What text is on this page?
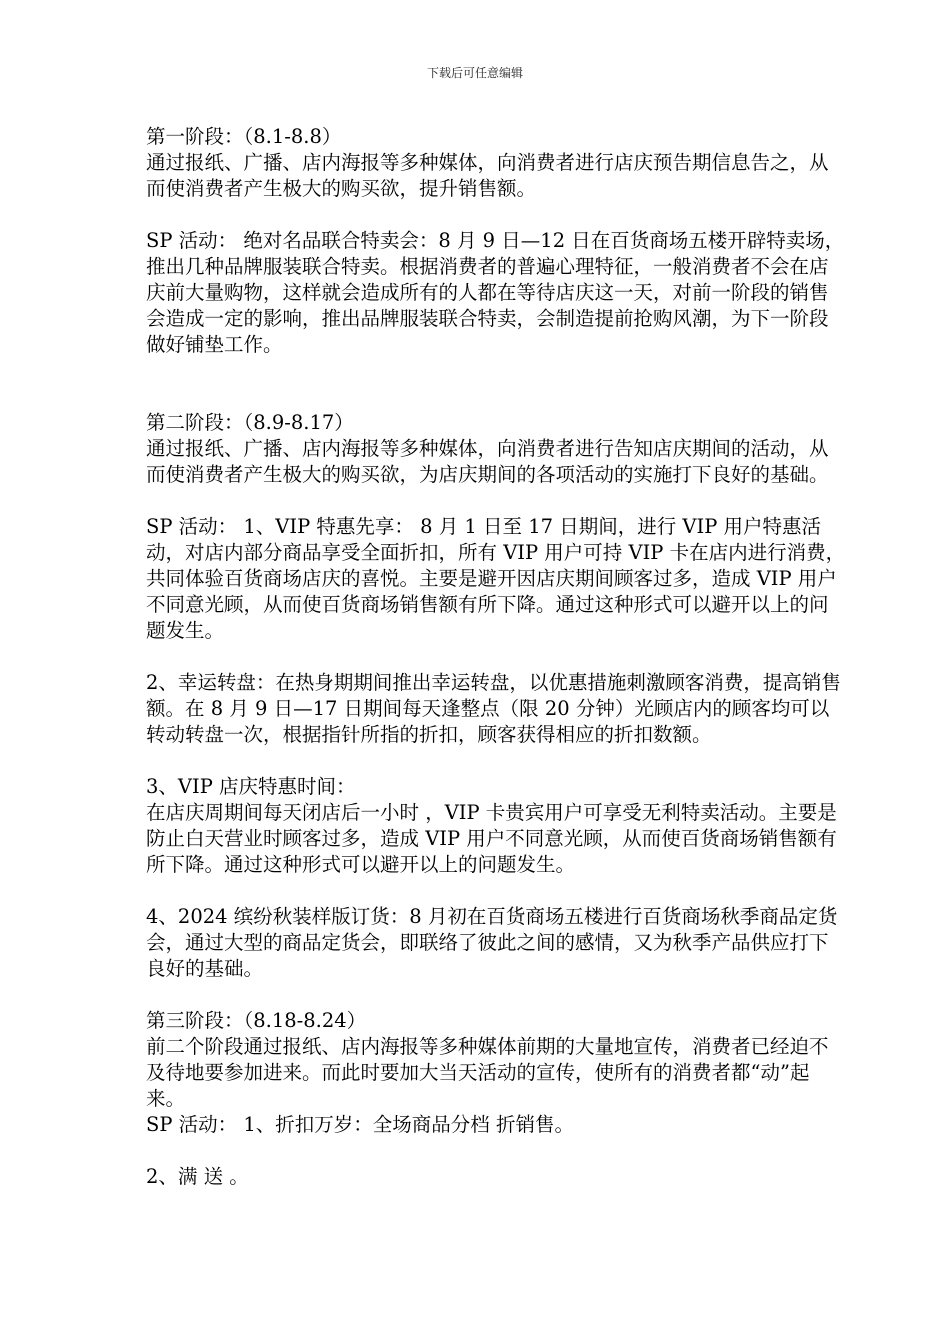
下载后可任意编辑

第一阶段：（8.1-8.8）

通过报纸、广播、店内海报等多种媒体，向消费者进行店庆预告期信息告之，从而使消费者产生极大的购买欲，提升销售额。

SP 活动： 绝对名品联合特卖会：8 月 9 日—12 日在百货商场五楼开辟特卖场，推出几种品牌服装联合特卖。根据消费者的普遍心理特征，一般消费者不会在店庆前大量购物，这样就会造成所有的人都在等待店庆这一天，对前一阶段的销售会造成一定的影响，推出品牌服装联合特卖，会制造提前抢购风潮，为下一阶段做好铺垫工作。

第二阶段：（8.9-8.17）

通过报纸、广播、店内海报等多种媒体，向消费者进行告知店庆期间的活动，从而使消费者产生极大的购买欲，为店庆期间的各项活动的实施打下良好的基础。

SP 活动： 1、VIP 特惠先享： 8 月 1 日至 17 日期间，进行 VIP 用户特惠活动，对店内部分商品享受全面折扣，所有 VIP 用户可持 VIP 卡在店内进行消费，共同体验百货商场店庆的喜悦。主要是避开因店庆期间顾客过多，造成 VIP 用户不同意光顾，从而使百货商场销售额有所下降。通过这种形式可以避开以上的问题发生。

2、幸运转盘：在热身期期间推出幸运转盘，以优惠措施刺激顾客消费，提高销售额。在 8 月 9 日—17 日期间每天逢整点（限 20 分钟）光顾店内的顾客均可以转动转盘一次，根据指针所指的折扣，顾客获得相应的折扣数额。

3、VIP 店庆特惠时间：

在店庆周期间每天闭店后一小时 ，VIP 卡贵宾用户可享受无利特卖活动。主要是防止白天营业时顾客过多，造成 VIP 用户不同意光顾，从而使百货商场销售额有所下降。通过这种形式可以避开以上的问题发生。

4、2024 缤纷秋装样版订货：8 月初在百货商场五楼进行百货商场秋季商品定货会，通过大型的商品定货会，即联络了彼此之间的感情，又为秋季产品供应打下良好的基础。

第三阶段：（8.18-8.24）

前二个阶段通过报纸、店内海报等多种媒体前期的大量地宣传，消费者已经迫不及待地要参加进来。而此时要加大当天活动的宣传，使所有的消费者都“动”起来。

SP 活动： 1、折扣万岁：全场商品分档 折销售。

2、满 送 。
